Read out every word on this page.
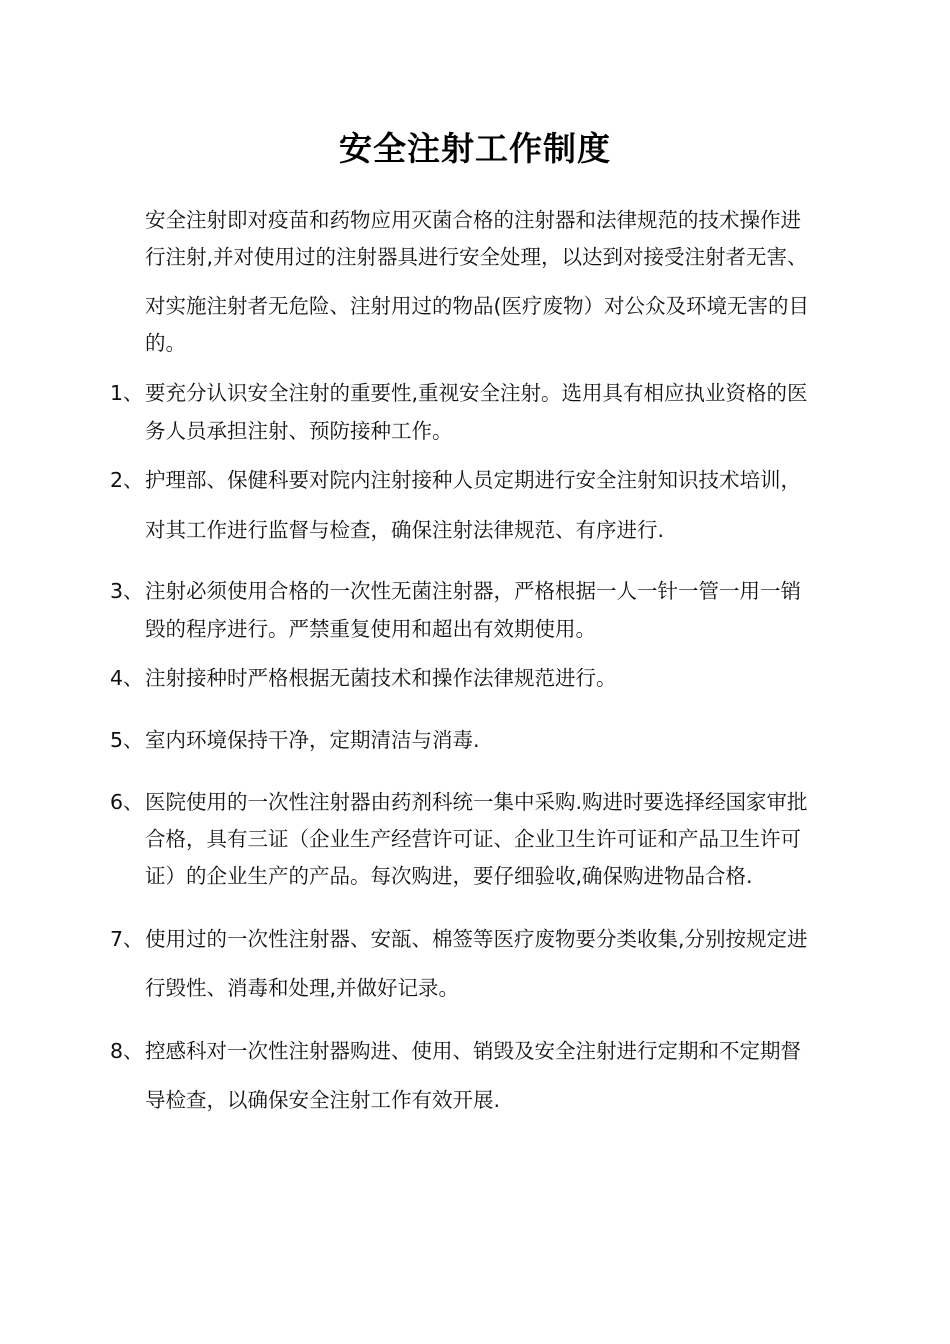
安全注射工作制度
安全注射即对疫苗和药物应用灭菌合格的注射器和法律规范的技术操作进
行注射,并对使用过的注射器具进行安全处理，以达到对接受注射者无害、
对实施注射者无危险、注射用过的物品(医疗废物）对公众及环境无害的目
的。
1、 要充分认识安全注射的重要性,重视安全注射。选用具有相应执业资格的医
务人员承担注射、预防接种工作。
2、 护理部、保健科要对院内注射接种人员定期进行安全注射知识技术培训，
对其工作进行监督与检查，确保注射法律规范、有序进行.
3、 注射必须使用合格的一次性无菌注射器，严格根据一人一针一管一用一销
毁的程序进行。严禁重复使用和超出有效期使用。
4、 注射接种时严格根据无菌技术和操作法律规范进行。
5、 室内环境保持干净，定期清洁与消毒.
6、 医院使用的一次性注射器由药剂科统一集中采购.购进时要选择经国家审批
合格，具有三证（企业生产经营许可证、企业卫生许可证和产品卫生许可
证）的企业生产的产品。每次购进，要仔细验收,确保购进物品合格.
7、 使用过的一次性注射器、安瓿、棉签等医疗废物要分类收集,分别按规定进
行毁性、消毒和处理,并做好记录。
8、 控感科对一次性注射器购进、使用、销毁及安全注射进行定期和不定期督
导检查，以确保安全注射工作有效开展.
